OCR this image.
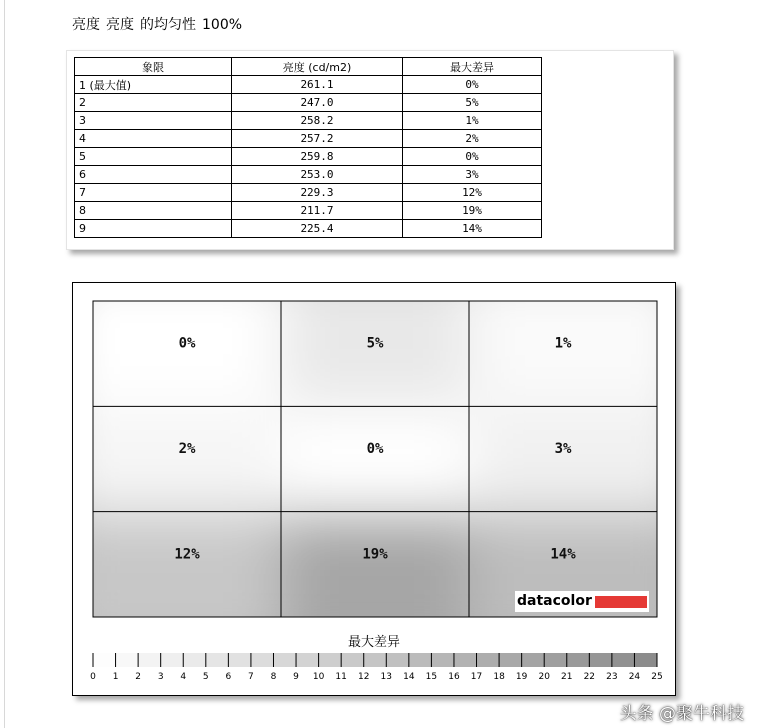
亮度 亮度 的均匀性 100%
象限	亮度 (cd/m2)	最大差异
1 (最大值)	261.1	0%
2	247.0	5%
3	258.2	1%
4	257.2	2%
5	259.8	0%
6	253.0	3%
7	229.3	12%
8	211.7	19%
9	225.4	14%
0%	5%	1%
2%	0%	3%
12%	19%	14%
datacolor
0 1 2 3 4 5 6 7 8 9 10 11 12 13 14 15 16 17 18 19 20 21 22 23 24 25
最大差异
头条 @聚牛科技
